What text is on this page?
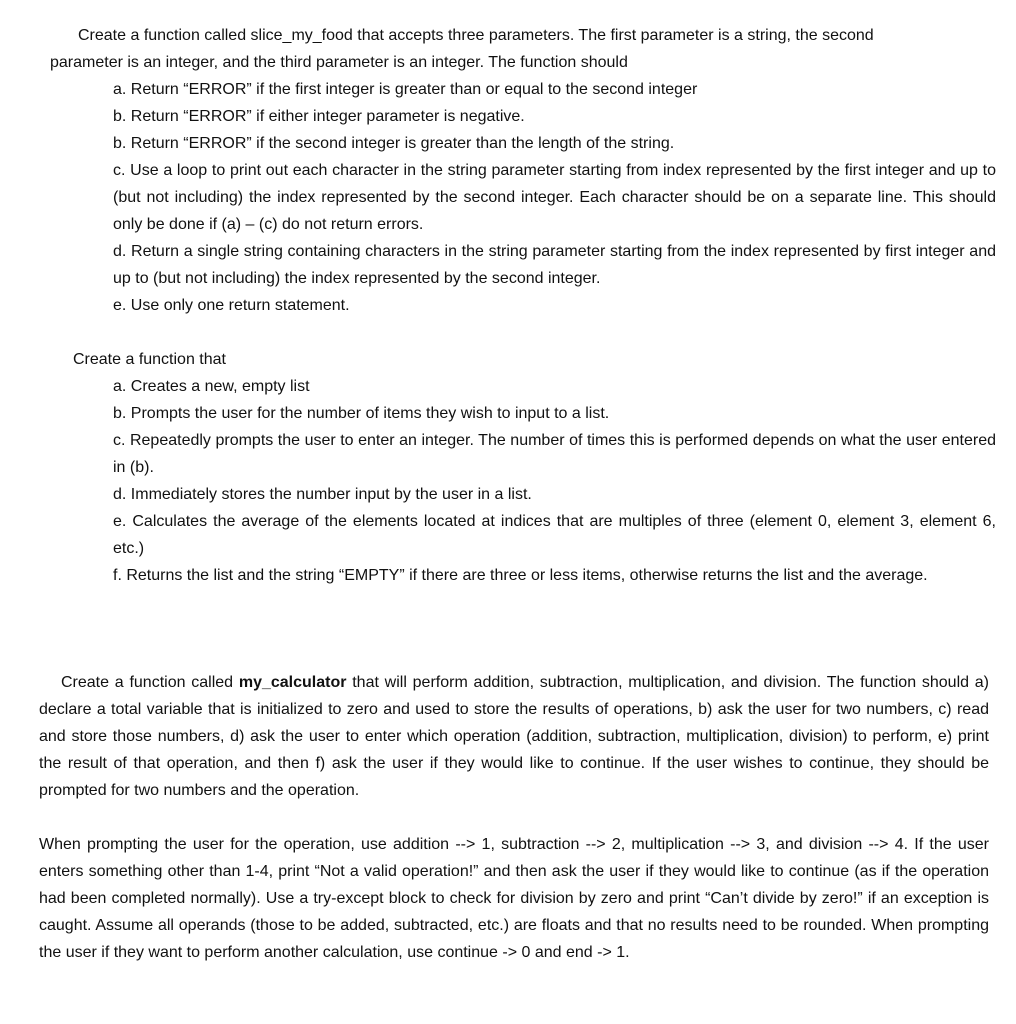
Create a function called slice_my_food that accepts three parameters. The first parameter is a string, the second

parameter is an integer, and the third parameter is an integer. The function should

a. Return “ERROR” if the first integer is greater than or equal to the second integer

b. Return “ERROR” if either integer parameter is negative.

b. Return “ERROR” if the second integer is greater than the length of the string.

c. Use a loop to print out each character in the string parameter starting from index represented by the first integer and up to (but not including) the index represented by the second integer. Each character should be on a separate line. This should only be done if (a) – (c) do not return errors.

d. Return a single string containing characters in the string parameter starting from the index represented by first integer and up to (but not including) the index represented by the second integer.

e. Use only one return statement.

Create a function that

a. Creates a new, empty list

b. Prompts the user for the number of items they wish to input to a list.

c. Repeatedly prompts the user to enter an integer. The number of times this is performed depends on what the user entered in (b).

d. Immediately stores the number input by the user in a list.

e. Calculates the average of the elements located at indices that are multiples of three (element 0, element 3, element 6, etc.)

f. Returns the list and the string “EMPTY” if there are three or less items, otherwise returns the list and the average.

Create a function called my_calculator that will perform addition, subtraction, multiplication, and division. The function should a) declare a total variable that is initialized to zero and used to store the results of operations, b) ask the user for two numbers, c) read and store those numbers, d) ask the user to enter which operation (addition, subtraction, multiplication, division) to perform, e) print the result of that operation, and then f) ask the user if they would like to continue. If the user wishes to continue, they should be prompted for two numbers and the operation.

When prompting the user for the operation, use addition --> 1, subtraction --> 2, multiplication --> 3, and division --> 4. If the user enters something other than 1-4, print “Not a valid operation!” and then ask the user if they would like to continue (as if the operation had been completed normally). Use a try-except block to check for division by zero and print “Can’t divide by zero!” if an exception is caught. Assume all operands (those to be added, subtracted, etc.) are floats and that no results need to be rounded. When prompting the user if they want to perform another calculation, use continue -> 0 and end -> 1.
